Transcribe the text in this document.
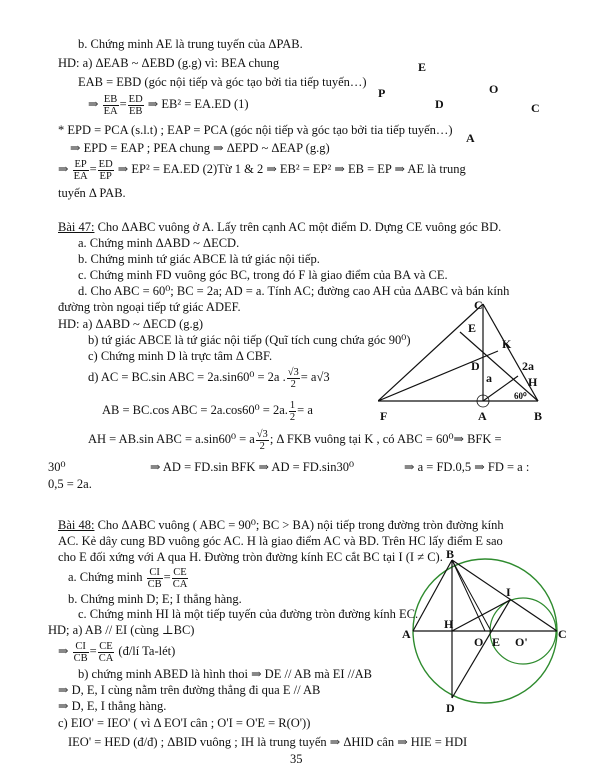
b. Chứng minh AE là trung tuyến của ΔPAB.
HD: a) ΔEAB ~ ΔEBD (g.g) vì: BEA chung
EAB = EBD (góc nội tiếp và góc tạo bởi tia tiếp tuyến…)
⇒ $\frac{EB}{EA} = \frac{ED}{EB}$ ⇒ EB² = EA.ED (1)
* EPD = PCA (s.l.t) ; EAP = PCA (góc nội tiếp và góc tạo bởi tia tiếp tuyến…)
⇒ EPD = EAP ; PEA chung ⇒ ΔEPD ~ ΔEAP (g.g)
⇒ $\frac{EP}{EA} = \frac{ED}{EP}$ ⇒ EP² = EA.ED (2)Từ 1 & 2 ⇒ EB² = EP² ⇒ EB = EP ⇒ AE là trung
tuyến Δ PAB.
E
O
P
D	C
A
Bài 47: Cho ΔABC vuông ở A. Lấy trên cạnh AC một điểm D. Dựng CE vuông góc BD.
a. Chứng minh ΔABD ~ ΔECD.
b. Chứng minh tứ giác ABCE là tứ giác nội tiếp.
c. Chứng minh FD vuông góc BC, trong đó F là giao điểm của BA và CE.
d. Cho ABC = 60⁰; BC = 2a; AD = a. Tính AC; đường cao AH của ΔABC và bán kính
đường tròn ngoại tiếp tứ giác ADEF.
HD: a) ΔABD ~ ΔECD (g.g)
b) tứ giác ABCE là tứ giác nội tiếp (Quĩ tích cung chứa góc 90⁰)
c) Chứng minh D là trực tâm Δ CBF.
d) AC = BC.sin ABC = 2a.sin60⁰ = 2a . $\frac{√3}{2} = a√3$
AB = BC.cos ABC = 2a.cos60⁰ = 2a. $\frac{1}{2} = a$
AH = AB.sin ABC = a.sin60⁰ = a $\frac{√3}{2}$ ; Δ FKB vuông tại K , có ABC = 60⁰⇒ BFK =
30⁰	⇒ AD = FD.sin BFK ⇒ AD = FD.sin30⁰	⇒ a = FD.0,5 ⇒ FD = a :
0,5 = 2a.
E
K
D	2a
H
a
60⁰
F	A	B
C
Bài 48: Cho ΔABC vuông ( ABC = 90⁰; BC > BA) nội tiếp trong đường tròn đường kính
AC. Kẻ dây cung BD vuông góc AC. H là giao điểm AC và BD. Trên HC lấy điểm E sao
cho E đối xứng với A qua H. Đường tròn đường kính EC cắt BC tại I (I ≠ C).
a. Chứng minh $\frac{CI}{CB} = \frac{CE}{CA}$
b. Chứng minh D; E; I thẳng hàng.
c. Chứng minh HI là một tiếp tuyến của đường tròn đường kính EC.
HD; a) AB // EI (cùng ⊥BC)
⇒ $\frac{CI}{CB} = \frac{CE}{CA}$ (đ/lí Ta-lét)
b) chứng minh ABED là hình thoi ⇒ DE // AB mà EI //AB
⇒ D, E, I cùng nằm trên đường thẳng đi qua E // AB
⇒ D, E, I thẳng hàng.
c) EIO' = IEO' ( vì Δ EO'I cân ; O'I = O'E = R(O'))
IEO' = HED (đ/đ) ; ΔBID vuông ; IH là trung tuyến ⇒ ΔHID cân ⇒ HIE = HDI
B
I
A
H
O E O'
C
D
35
